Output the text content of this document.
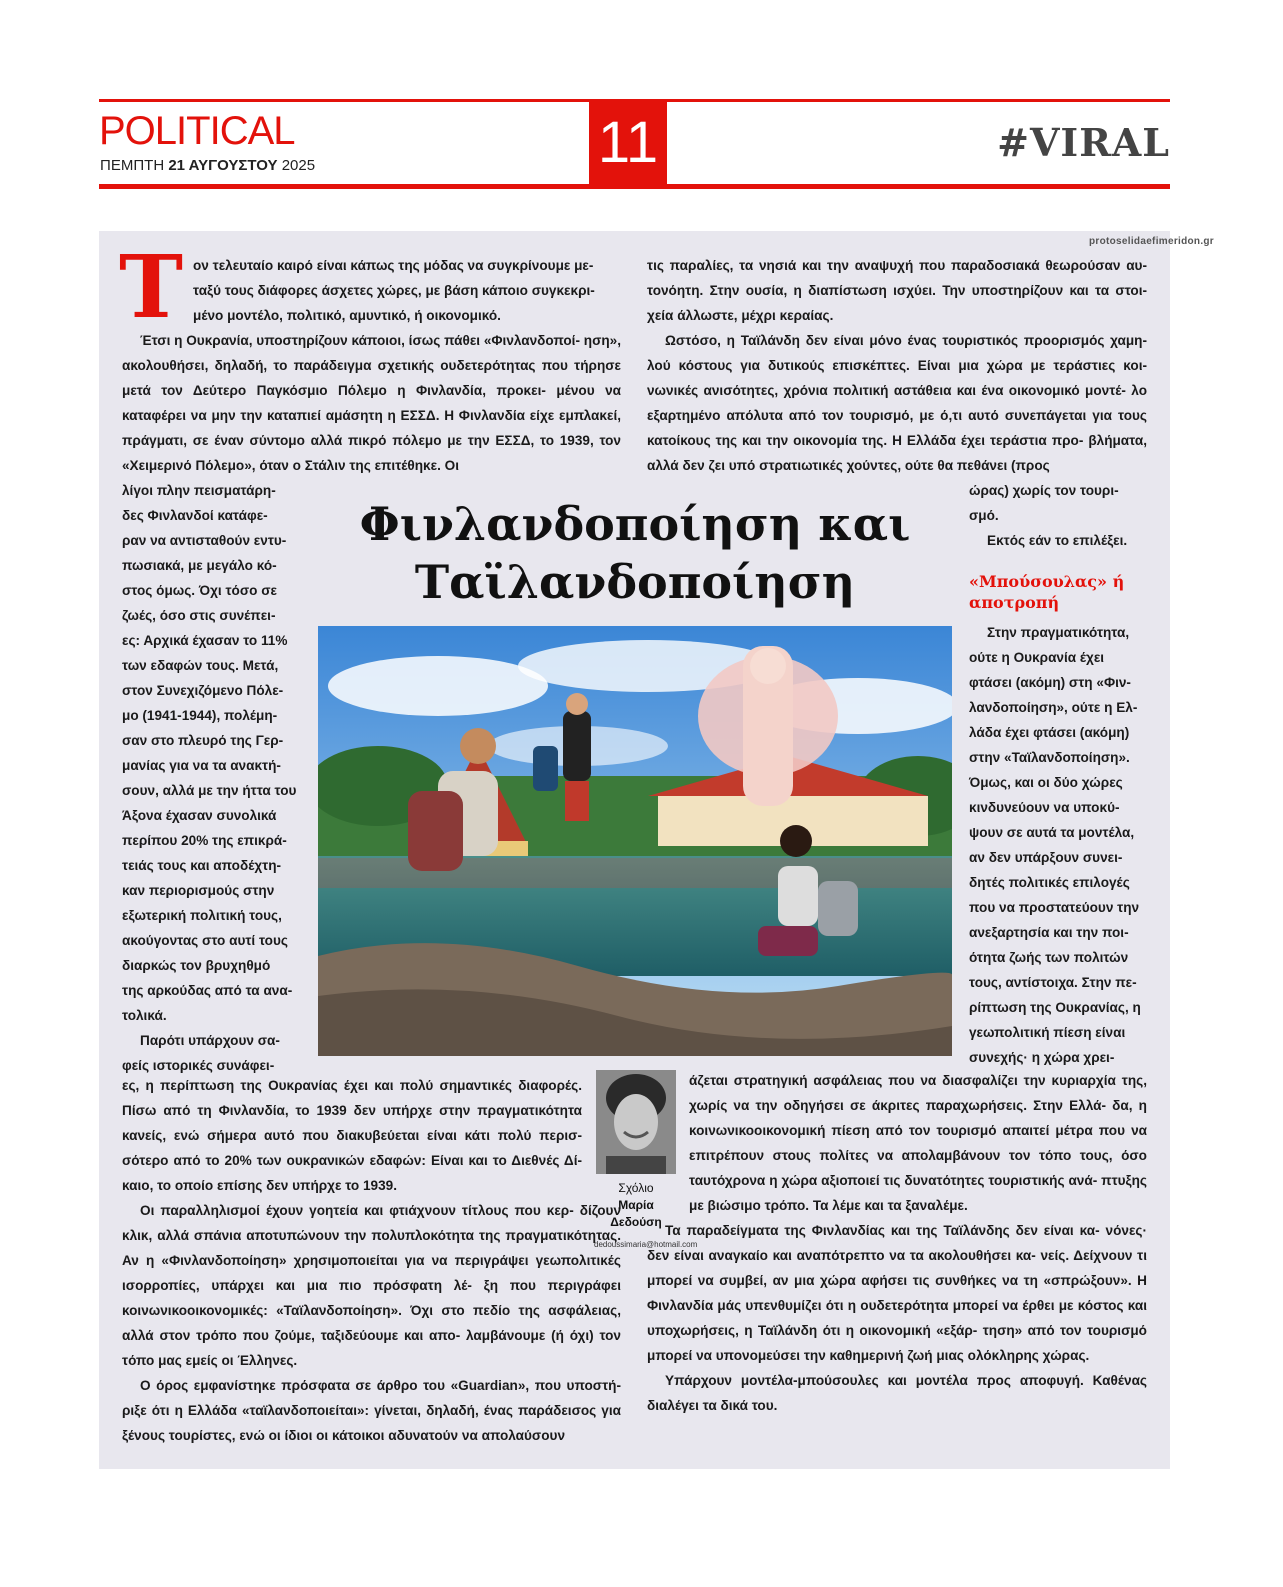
POLITICAL
ΠΕΜΠΤΗ 21 ΑΥΓΟΥΣΤΟΥ 2025	11	#VIRAL
protoselidaefimeridon.gr
Τ ον τελευταίο καιρό είναι κάπως της μόδας να συγκρίνουμε με-

ταξύ τους διάφορες άσχετες χώρες, με βάση κάποιο συγκεκρι-

μένο μοντέλο, πολιτικό, αμυντικό, ή οικονομικό.

Έτσι η Ουκρανία, υποστηρίζουν κάποιοι, ίσως πάθει «Φινλανδοποί- ηση», ακολουθήσει, δηλαδή, το παράδειγμα σχετικής ουδετερότητας που τήρησε μετά τον Δεύτερο Παγκόσμιο Πόλεμο η Φινλανδία, προκει- μένου να καταφέρει να μην την καταπιεί αμάσητη η ΕΣΣΔ. Η Φινλανδία είχε εμπλακεί, πράγματι, σε έναν σύντομο αλλά πικρό πόλεμο με την ΕΣΣΔ, το 1939, τον «Χειμερινό Πόλεμο», όταν ο Στάλιν της επιτέθηκε. Οι

λίγοι πλην πεισματάρη-

δες Φινλανδοί κατάφε-

ραν να αντισταθούν εντυ-

πωσιακά, με μεγάλο κό-

στος όμως. Όχι τόσο σε

ζωές, όσο στις συνέπει-

ες: Αρχικά έχασαν το 11%

των εδαφών τους. Μετά,

στον Συνεχιζόμενο Πόλε-

μο (1941-1944), πολέμη-

σαν στο πλευρό της Γερ-

μανίας για να τα ανακτή-

σουν, αλλά με την ήττα του

Άξονα έχασαν συνολικά

περίπου 20% της επικρά-

τειάς τους και αποδέχτη-

καν περιορισμούς στην

εξωτερική πολιτική τους,

ακούγοντας στο αυτί τους

διαρκώς τον βρυχηθμό

της αρκούδας από τα ανα-

τολικά.

Παρότι υπάρχουν σα-

φείς ιστορικές συνάφει-

ες, η περίπτωση της Ουκρανίας έχει και πολύ σημαντικές διαφορές. Πίσω από τη Φινλανδία, το 1939 δεν υπήρχε στην πραγματικότητα κανείς, ενώ σήμερα αυτό που διακυβεύεται είναι κάτι πολύ περισ- σότερο από το 20% των ουκρανικών εδαφών: Είναι και το Διεθνές Δί- καιο, το οποίο επίσης δεν υπήρχε το 1939.

Οι παραλληλισμοί έχουν γοητεία και φτιάχνουν τίτλους που κερ- δίζουν κλικ, αλλά σπάνια αποτυπώνουν την πολυπλοκότητα της πραγματικότητας. Αν η «Φινλανδοποίηση» χρησιμοποιείται για να περιγράψει γεωπολιτικές ισορροπίες, υπάρχει και μια πιο πρόσφατη λέ- ξη που περιγράφει κοινωνικοοικονομικές: «Ταϊλανδοποίηση». Όχι στο πεδίο της ασφάλειας, αλλά στον τρόπο που ζούμε, ταξιδεύουμε και απο- λαμβάνουμε (ή όχι) τον τόπο μας εμείς οι Έλληνες.

Ο όρος εμφανίστηκε πρόσφατα σε άρθρο του «Guardian», που υποστή- ριξε ότι η Ελλάδα «ταϊλανδοποιείται»: γίνεται, δηλαδή, ένας παράδεισος για ξένους τουρίστες, ενώ οι ίδιοι οι κάτοικοι αδυνατούν να απολαύσουν

τις παραλίες, τα νησιά και την αναψυχή που παραδοσιακά θεωρούσαν αυ- τονόητη. Στην ουσία, η διαπίστωση ισχύει. Την υποστηρίζουν και τα στοι- χεία άλλωστε, μέχρι κεραίας.

Ωστόσο, η Ταϊλάνδη δεν είναι μόνο ένας τουριστικός προορισμός χαμη- λού κόστους για δυτικούς επισκέπτες. Είναι μια χώρα με τεράστιες κοι- νωνικές ανισότητες, χρόνια πολιτική αστάθεια και ένα οικονομικό μοντέ- λο εξαρτημένο απόλυτα από τον τουρισμό, με ό,τι αυτό συνεπάγεται για τους κατοίκους της και την οικονομία της. Η Ελλάδα έχει τεράστια προ- βλήματα, αλλά δεν ζει υπό στρατιωτικές χούντες, ούτε θα πεθάνει (προς

ώρας) χωρίς τον τουρι-

σμό.

Εκτός εάν το επιλέξει.

«Μπούσουλας» ή αποτροπή

Στην πραγματικότητα,

ούτε η Ουκρανία έχει

φτάσει (ακόμη) στη «Φιν-

λανδοποίηση», ούτε η Ελ-

λάδα έχει φτάσει (ακόμη)

στην «Ταϊλανδοποίηση».

Όμως, και οι δύο χώρες

κινδυνεύουν να υποκύ-

ψουν σε αυτά τα μοντέλα,

αν δεν υπάρξουν συνει-

δητές πολιτικές επιλογές

που να προστατεύουν την

ανεξαρτησία και την ποι-

ότητα ζωής των πολιτών

τους, αντίστοιχα. Στην πε-

ρίπτωση της Ουκρανίας, η

γεωπολιτική πίεση είναι

συνεχής· η χώρα χρει-

άζεται στρατηγική ασφάλειας που να διασφαλίζει την κυριαρχία της, χωρίς να την οδηγήσει σε άκριτες παραχωρήσεις. Στην Ελλά- δα, η κοινωνικοοικονομική πίεση από τον τουρισμό απαιτεί μέτρα που να επιτρέπουν στους πολίτες να απολαμβάνουν τον τόπο τους, όσο ταυτόχρονα η χώρα αξιοποιεί τις δυνατότητες τουριστικής ανά- πτυξης με βιώσιμο τρόπο. Τα λέμε και τα ξαναλέμε.

Τα παραδείγματα της Φινλανδίας και της Ταϊλάνδης δεν είναι κα- νόνες· δεν είναι αναγκαίο και αναπότρεπτο να τα ακολουθήσει κα- νείς. Δείχνουν τι μπορεί να συμβεί, αν μια χώρα αφήσει τις συνθήκες να τη «σπρώξουν». Η Φινλανδία μάς υπενθυμίζει ότι η ουδετερότητα μπορεί να έρθει με κόστος και υποχωρήσεις, η Ταϊλάνδη ότι η οικονομική «εξάρ- τηση» από τον τουρισμό μπορεί να υπονομεύσει την καθημερινή ζωή μιας ολόκληρης χώρας.

Υπάρχουν μοντέλα-μπούσουλες και μοντέλα προς αποφυγή. Καθένας διαλέγει τα δικά του.

Φινλανδοποίηση και
Ταϊλανδοποίηση
Σχόλιο
Μαρία
Δεδούση
dedoussimaria@hotmail.com
